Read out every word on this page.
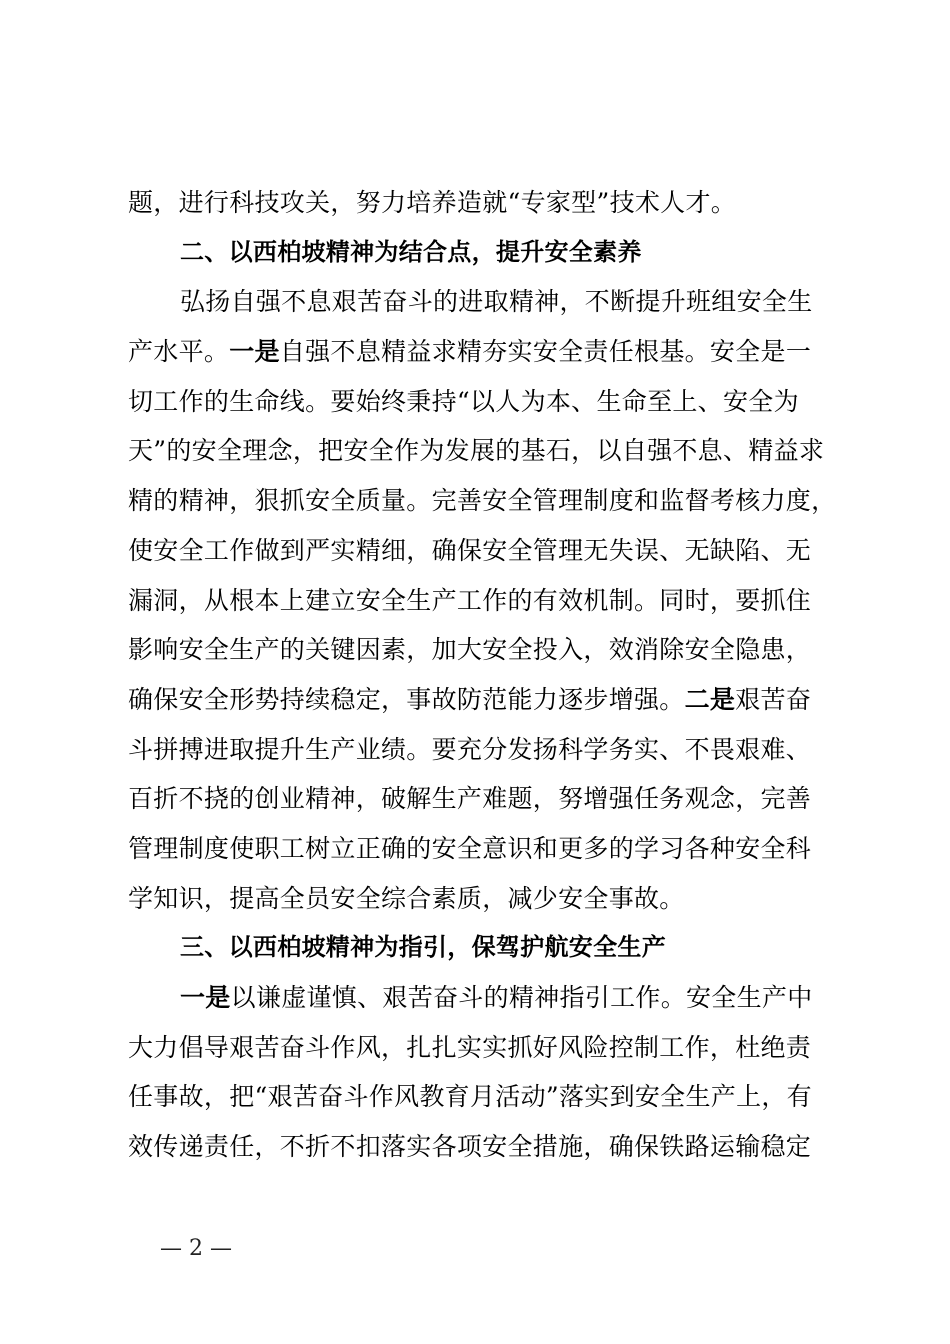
题，进行科技攻关，努力培养造就“专家型”技术人才。
二、以西柏坡精神为结合点，提升安全素养
弘扬自强不息艰苦奋斗的进取精神，不断提升班组安全生
产水平。一是自强不息精益求精夯实安全责任根基。安全是一
切工作的生命线。要始终秉持“以人为本、生命至上、安全为
天”的安全理念，把安全作为发展的基石，以自强不息、精益求
精的精神，狠抓安全质量。完善安全管理制度和监督考核力度，
使安全工作做到严实精细，确保安全管理无失误、无缺陷、无
漏洞，从根本上建立安全生产工作的有效机制。同时，要抓住
影响安全生产的关键因素，加大安全投入，效消除安全隐患，
确保安全形势持续稳定，事故防范能力逐步增强。二是艰苦奋
斗拼搏进取提升生产业绩。要充分发扬科学务实、不畏艰难、
百折不挠的创业精神，破解生产难题，努增强任务观念，完善
管理制度使职工树立正确的安全意识和更多的学习各种安全科
学知识，提高全员安全综合素质，减少安全事故。
三、以西柏坡精神为指引，保驾护航安全生产
一是以谦虚谨慎、艰苦奋斗的精神指引工作。安全生产中
大力倡导艰苦奋斗作风，扎扎实实抓好风险控制工作，杜绝责
任事故，把“艰苦奋斗作风教育月活动”落实到安全生产上，有
效传递责任，不折不扣落实各项安全措施，确保铁路运输稳定
— 2 —
